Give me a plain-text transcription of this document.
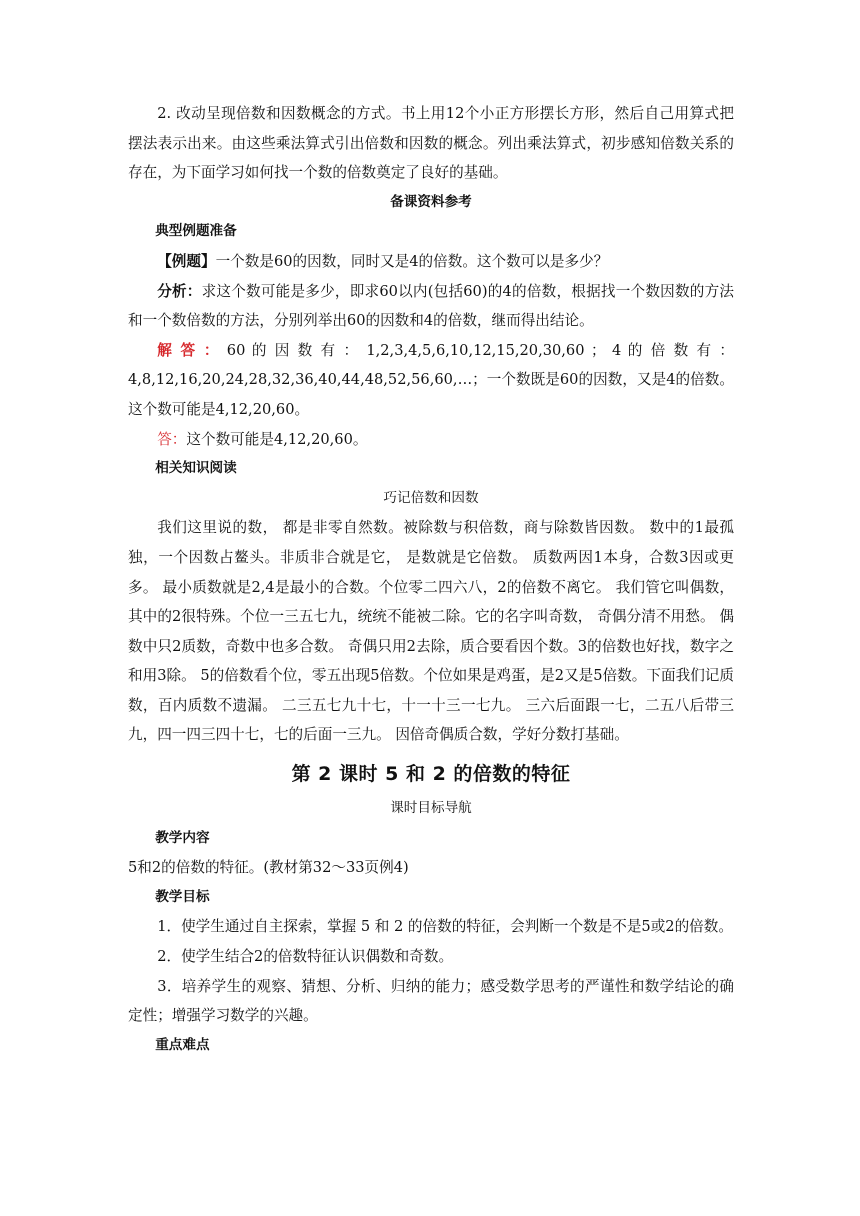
2. 改动呈现倍数和因数概念的方式。书上用12个小正方形摆长方形，然后自己用算式把摆法表示出来。由这些乘法算式引出倍数和因数的概念。列出乘法算式，初步感知倍数关系的存在，为下面学习如何找一个数的倍数奠定了良好的基础。

备课资料参考

典型例题准备

【例题】一个数是60的因数，同时又是4的倍数。这个数可以是多少？

分析：求这个数可能是多少，即求60以内(包括60)的4的倍数，根据找一个数因数的方法和一个数倍数的方法，分别列举出60的因数和4的倍数，继而得出结论。

解 答 ： 60 的 因 数 有 ： 1,2,3,4,5,6,10,12,15,20,30,60 ； 4 的 倍 数 有 ：

4,8,12,16,20,24,28,32,36,40,44,48,52,56,60,…；一个数既是60的因数，又是4的倍数。这个数可能是4,12,20,60。

答：这个数可能是4,12,20,60。

相关知识阅读

巧记倍数和因数

我们这里说的数， 都是非零自然数。被除数与积倍数，商与除数皆因数。 数中的1最孤独，一个因数占鳌头。非质非合就是它， 是数就是它倍数。 质数两因1本身，合数3因或更多。 最小质数就是2,4是最小的合数。个位零二四六八，2的倍数不离它。 我们管它叫偶数，其中的2很特殊。个位一三五七九，统统不能被二除。它的名字叫奇数， 奇偶分清不用愁。 偶数中只2质数，奇数中也多合数。 奇偶只用2去除，质合要看因个数。3的倍数也好找，数字之和用3除。 5的倍数看个位，零五出现5倍数。个位如果是鸡蛋，是2又是5倍数。下面我们记质数，百内质数不遗漏。 二三五七九十七，十一十三一七九。 三六后面跟一七，二五八后带三九，四一四三四十七，七的后面一三九。 因倍奇偶质合数，学好分数打基础。

第 2 课时 5 和 2 的倍数的特征

课时目标导航

教学内容

5和2的倍数的特征。(教材第32～33页例4)

教学目标

1．使学生通过自主探索，掌握 5 和 2 的倍数的特征，会判断一个数是不是5或2的倍数。

2．使学生结合2的倍数特征认识偶数和奇数。

3．培养学生的观察、猜想、分析、归纳的能力；感受数学思考的严谨性和数学结论的确定性；增强学习数学的兴趣。

重点难点
